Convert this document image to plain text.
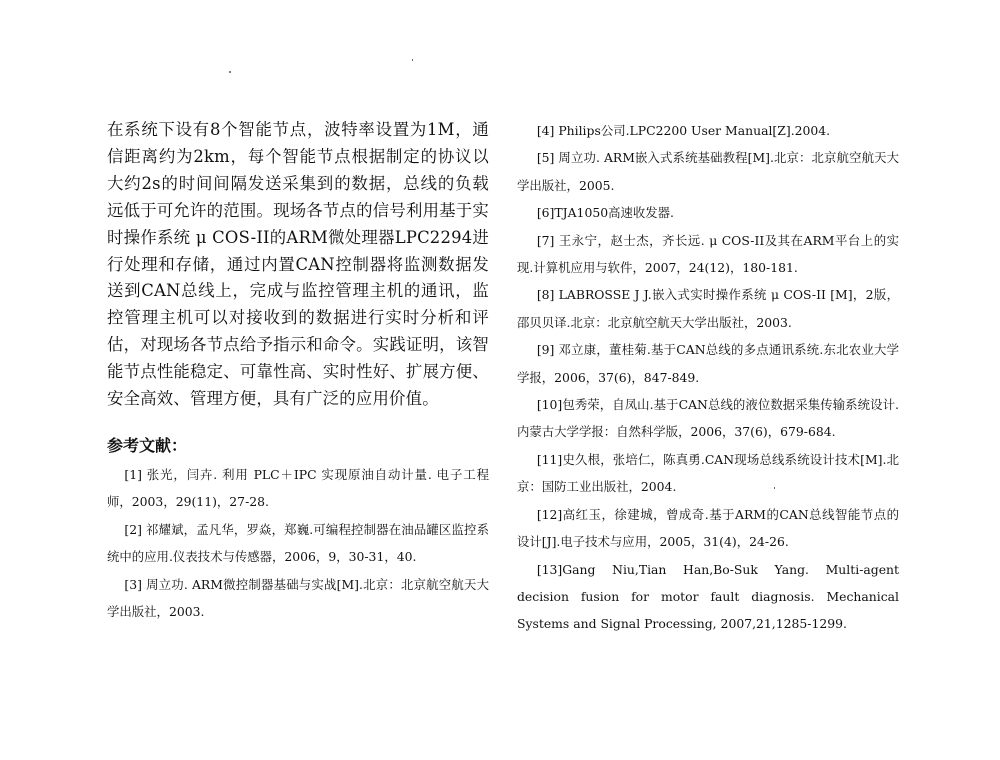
在系统下设有8个智能节点，波特率设置为1M，通信距离约为2km，每个智能节点根据制定的协议以大约2s的时间间隔发送采集到的数据，总线的负载远低于可允许的范围。现场各节点的信号利用基于实时操作系统 μ COS-II的ARM微处理器LPC2294进行处理和存储，通过内置CAN控制器将监测数据发送到CAN总线上，完成与监控管理主机的通讯，监控管理主机可以对接收到的数据进行实时分析和评估，对现场各节点给予指示和命令。实践证明，该智能节点性能稳定、可靠性高、实时性好、扩展方便、安全高效、管理方便，具有广泛的应用价值。

参考文献：

[1] 张光，闫卉. 利用 PLC＋IPC 实现原油自动计量. 电子工程师，2003，29(11)，27-28.

[2] 祁耀斌，孟凡华，罗焱，郑巍.可编程控制器在油品罐区监控系统中的应用.仪表技术与传感器，2006，9，30-31，40.

[3] 周立功. ARM微控制器基础与实战[M].北京：北京航空航天大学出版社，2003.

[4] Philips公司.LPC2200 User Manual[Z].2004.

[5] 周立功. ARM嵌入式系统基础教程[M].北京：北京航空航天大学出版社，2005.

[6]TJA1050高速收发器.

[7] 王永宁，赵士杰，齐长远. μ COS-II及其在ARM平台上的实现.计算机应用与软件，2007，24(12)，180-181.

[8] LABROSSE J J.嵌入式实时操作系统 μ COS-II [M]，2版，邵贝贝译.北京：北京航空航天大学出版社，2003.

[9] 邓立康，董桂菊.基于CAN总线的多点通讯系统.东北农业大学学报，2006，37(6)，847-849.

[10]包秀荣，自凤山.基于CAN总线的液位数据采集传输系统设计.内蒙古大学学报：自然科学版，2006，37(6)，679-684.

[11]史久根，张培仁，陈真勇.CAN现场总线系统设计技术[M].北京：国防工业出版社，2004.

[12]高红玉，徐建城，曾成奇.基于ARM的CAN总线智能节点的设计[J].电子技术与应用，2005，31(4)，24-26.

[13]Gang Niu,Tian Han,Bo-Suk Yang. Multi-agent decision fusion for motor fault diagnosis. Mechanical Systems and Signal Processing, 2007,21,1285-1299.
